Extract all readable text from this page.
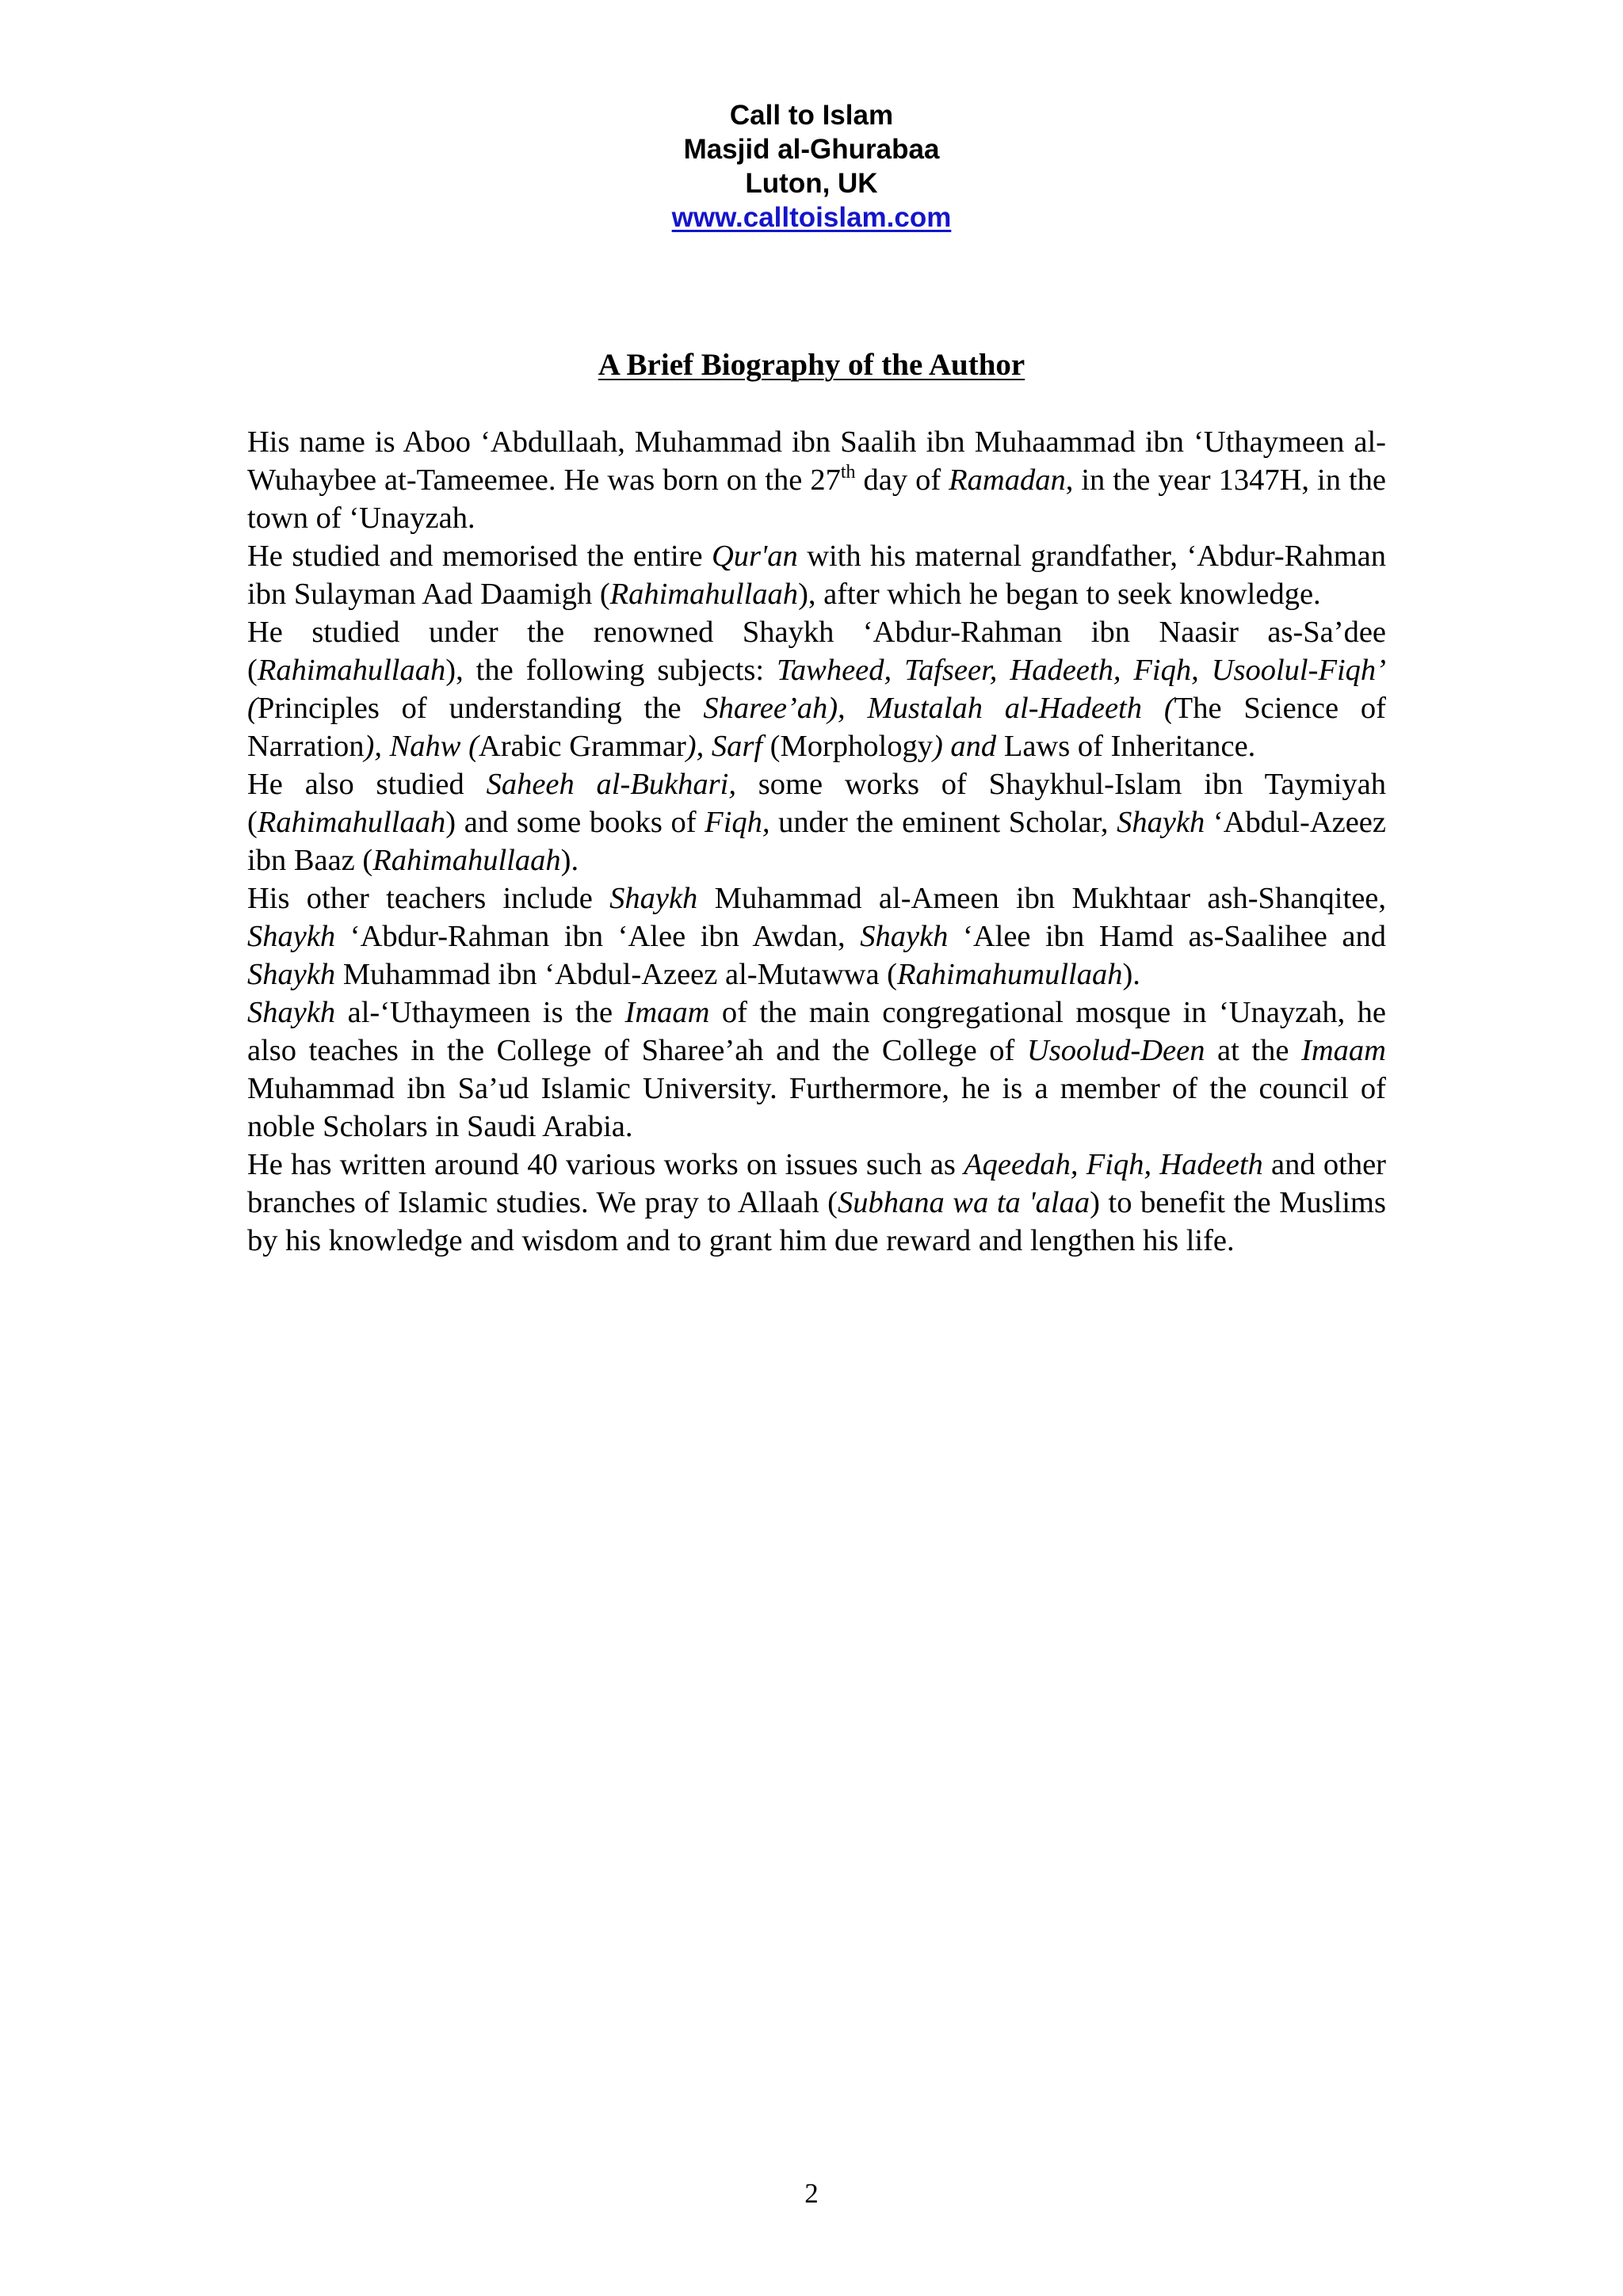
Call to Islam
Masjid al-Ghurabaa
Luton, UK
www.calltoislam.com
A Brief Biography of the Author

His name is Aboo ‘Abdullaah, Muhammad ibn Saalih ibn Muhaammad ibn ‘Uthaymeen al-Wuhaybee at-Tameemee. He was born on the 27th day of Ramadan, in the year 1347H, in the town of ‘Unayzah.

He studied and memorised the entire Qur'an with his maternal grandfather, ‘Abdur-Rahman ibn Sulayman Aad Daamigh (Rahimahullaah), after which he began to seek knowledge.

He studied under the renowned Shaykh ‘Abdur-Rahman ibn Naasir as-Sa’dee (Rahimahullaah), the following subjects: Tawheed, Tafseer, Hadeeth, Fiqh, Usoolul-Fiqh’ (Principles of understanding the Sharee’ah), Mustalah al-Hadeeth (The Science of Narration), Nahw (Arabic Grammar), Sarf (Morphology) and Laws of Inheritance.

He also studied Saheeh al-Bukhari, some works of Shaykhul-Islam ibn Taymiyah (Rahimahullaah) and some books of Fiqh, under the eminent Scholar, Shaykh ‘Abdul-Azeez ibn Baaz (Rahimahullaah).

His other teachers include Shaykh Muhammad al-Ameen ibn Mukhtaar ash-Shanqitee, Shaykh ‘Abdur-Rahman ibn ‘Alee ibn Awdan, Shaykh ‘Alee ibn Hamd as-Saalihee and Shaykh Muhammad ibn ‘Abdul-Azeez al-Mutawwa (Rahimahumullaah).

Shaykh al-‘Uthaymeen is the Imaam of the main congregational mosque in ‘Unayzah, he also teaches in the College of Sharee’ah and the College of Usoolud-Deen at the Imaam Muhammad ibn Sa’ud Islamic University. Furthermore, he is a member of the council of noble Scholars in Saudi Arabia.

He has written around 40 various works on issues such as Aqeedah, Fiqh, Hadeeth and other branches of Islamic studies. We pray to Allaah (Subhana wa ta 'alaa) to benefit the Muslims by his knowledge and wisdom and to grant him due reward and lengthen his life.

2
